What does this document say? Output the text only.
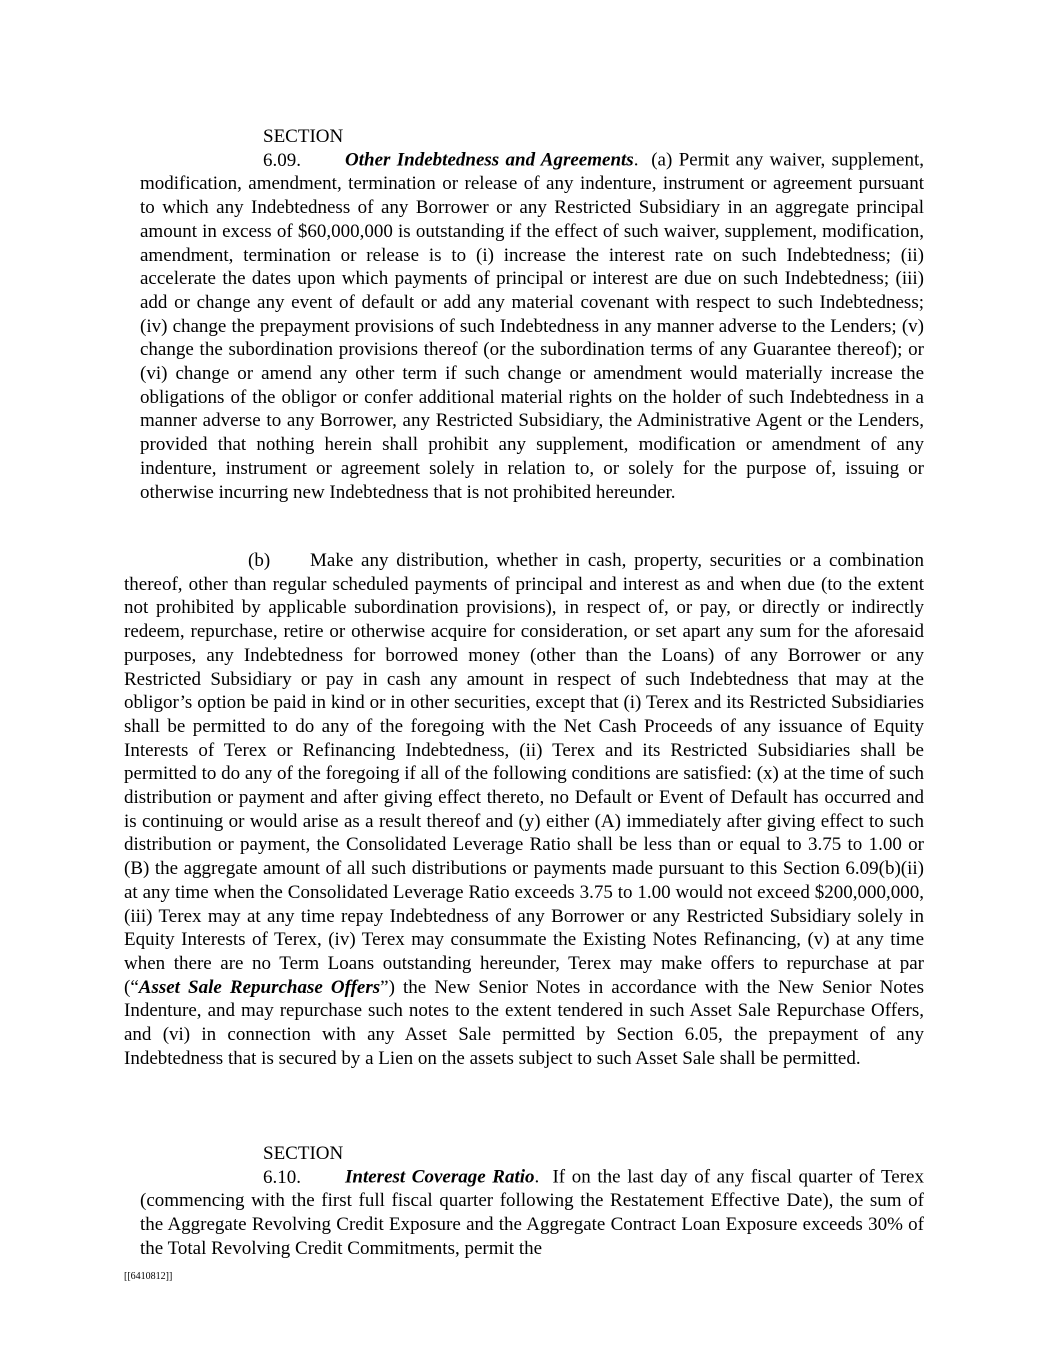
SECTION 6.09. Other Indebtedness and Agreements. (a) Permit any waiver, supplement, modification, amendment, termination or release of any indenture, instrument or agreement pursuant to which any Indebtedness of any Borrower or any Restricted Subsidiary in an aggregate principal amount in excess of $60,000,000 is outstanding if the effect of such waiver, supplement, modification, amendment, termination or release is to (i) increase the interest rate on such Indebtedness; (ii) accelerate the dates upon which payments of principal or interest are due on such Indebtedness; (iii) add or change any event of default or add any material covenant with respect to such Indebtedness; (iv) change the prepayment provisions of such Indebtedness in any manner adverse to the Lenders; (v) change the subordination provisions thereof (or the subordination terms of any Guarantee thereof); or (vi) change or amend any other term if such change or amendment would materially increase the obligations of the obligor or confer additional material rights on the holder of such Indebtedness in a manner adverse to any Borrower, any Restricted Subsidiary, the Administrative Agent or the Lenders, provided that nothing herein shall prohibit any supplement, modification or amendment of any indenture, instrument or agreement solely in relation to, or solely for the purpose of, issuing or otherwise incurring new Indebtedness that is not prohibited hereunder.

(b) Make any distribution, whether in cash, property, securities or a combination thereof, other than regular scheduled payments of principal and interest as and when due (to the extent not prohibited by applicable subordination provisions), in respect of, or pay, or directly or indirectly redeem, repurchase, retire or otherwise acquire for consideration, or set apart any sum for the aforesaid purposes, any Indebtedness for borrowed money (other than the Loans) of any Borrower or any Restricted Subsidiary or pay in cash any amount in respect of such Indebtedness that may at the obligor’s option be paid in kind or in other securities, except that (i) Terex and its Restricted Subsidiaries shall be permitted to do any of the foregoing with the Net Cash Proceeds of any issuance of Equity Interests of Terex or Refinancing Indebtedness, (ii) Terex and its Restricted Subsidiaries shall be permitted to do any of the foregoing if all of the following conditions are satisfied: (x) at the time of such distribution or payment and after giving effect thereto, no Default or Event of Default has occurred and is continuing or would arise as a result thereof and (y) either (A) immediately after giving effect to such distribution or payment, the Consolidated Leverage Ratio shall be less than or equal to 3.75 to 1.00 or (B) the aggregate amount of all such distributions or payments made pursuant to this Section 6.09(b)(ii) at any time when the Consolidated Leverage Ratio exceeds 3.75 to 1.00 would not exceed $200,000,000, (iii) Terex may at any time repay Indebtedness of any Borrower or any Restricted Subsidiary solely in Equity Interests of Terex, (iv) Terex may consummate the Existing Notes Refinancing, (v) at any time when there are no Term Loans outstanding hereunder, Terex may make offers to repurchase at par (“Asset Sale Repurchase Offers”) the New Senior Notes in accordance with the New Senior Notes Indenture, and may repurchase such notes to the extent tendered in such Asset Sale Repurchase Offers, and (vi) in connection with any Asset Sale permitted by Section 6.05, the prepayment of any Indebtedness that is secured by a Lien on the assets subject to such Asset Sale shall be permitted.

SECTION 6.10. Interest Coverage Ratio. If on the last day of any fiscal quarter of Terex (commencing with the first full fiscal quarter following the Restatement Effective Date), the sum of the Aggregate Revolving Credit Exposure and the Aggregate Contract Loan Exposure exceeds 30% of the Total Revolving Credit Commitments, permit the

[[6410812]]
